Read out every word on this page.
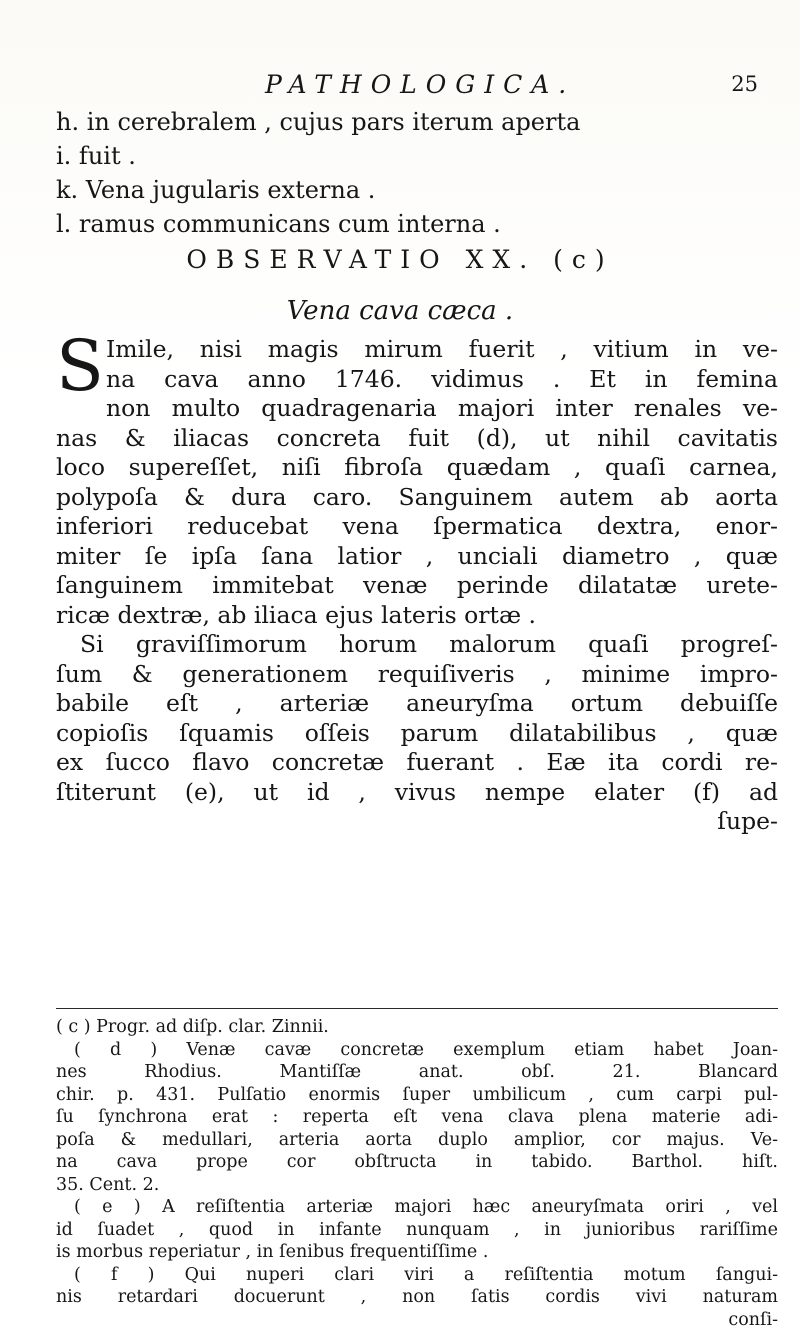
PATHOLOGICA.	25
h. in cerebralem , cujus pars iterum aperta
i. fuit .
k. Vena jugularis externa .
l. ramus communicans cum interna .
OBSERVATIO XX. (c)
Vena cava cæca .
S Imile, nisi magis mirum fuerit , vitium in ve-
na cava anno 1746. vidimus . Et in femina
non multo quadragenaria majori inter renales ve-
nas & iliacas concreta fuit (d), ut nihil cavitatis
loco supereſſet, niſi fibroſa quædam , quaſi carnea,
polypoſa & dura caro. Sanguinem autem ab aorta
inferiori reducebat vena ſpermatica dextra, enor-
miter ſe ipſa ſana latior , unciali diametro , quæ
ſanguinem immitebat venæ perinde dilatatæ urete-
ricæ dextræ, ab iliaca ejus lateris ortæ .
Si graviſſimorum horum malorum quaſi progreſ-
ſum & generationem requiſiveris , minime impro-
babile eſt , arteriæ aneuryſma ortum debuiſſe
copioſis ſquamis oſſeis parum dilatabilibus , quæ
ex ſucco flavo concretæ fuerant . Eæ ita cordi re-
ſtiterunt (e), ut id , vivus nempe elater (f) ad
ſupe-
( c ) Progr. ad diſp. clar. Zinnii.
( d ) Venæ cavæ concretæ exemplum etiam habet Joan-
nes Rhodius. Mantiſſæ anat. obſ. 21. Blancard
chir. p. 431. Pulſatio enormis ſuper umbilicum , cum carpi pul-
ſu ſynchrona erat : reperta eſt vena clava plena materie adi-
poſa & medullari, arteria aorta duplo amplior, cor majus. Ve-
na cava prope cor obſtructa in tabido. Barthol. hiſt.
35. Cent. 2.
( e ) A reſiſtentia arteriæ majori hæc aneuryſmata oriri , vel
id ſuadet , quod in infante nunquam , in junioribus rariſſime
is morbus reperiatur , in ſenibus frequentiſſime .
( f ) Qui nuperi clari viri a reſiſtentia motum ſangui-
nis retardari docuerunt , non ſatis cordis vivi naturam
conſi-
